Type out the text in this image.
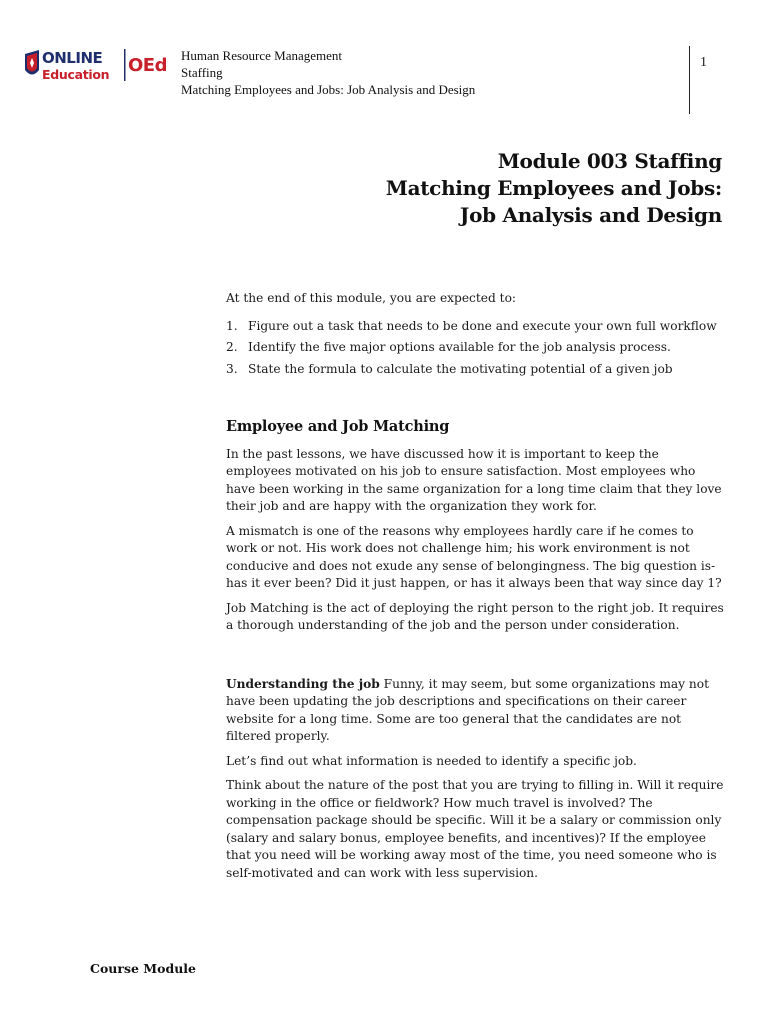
ONLINE
Education OEd Human Resource Management
Staffing
Matching Employees and Jobs: Job Analysis and Design
1
Module 003 Staffing
Matching Employees and Jobs:
Job Analysis and Design

At the end of this module, you are expected to:

1. Figure out a task that needs to be done and execute your own full workflow
2. Identify the five major options available for the job analysis process.
3. State the formula to calculate the motivating potential of a given job
Employee and Job Matching

In the past lessons, we have discussed how it is important to keep the employees motivated on his job to ensure satisfaction. Most employees who have been working in the same organization for a long time claim that they love their job and are happy with the organization they work for.

A mismatch is one of the reasons why employees hardly care if he comes to work or not. His work does not challenge him; his work environment is not conducive and does not exude any sense of belongingness. The big question is- has it ever been? Did it just happen, or has it always been that way since day 1?

Job Matching is the act of deploying the right person to the right job. It requires a thorough understanding of the job and the person under consideration.

Understanding the job Funny, it may seem, but some organizations may not have been updating the job descriptions and specifications on their career website for a long time. Some are too general that the candidates are not filtered properly.

Let’s find out what information is needed to identify a specific job.

Think about the nature of the post that you are trying to filling in. Will it require working in the office or fieldwork? How much travel is involved? The compensation package should be specific. Will it be a salary or commission only (salary and salary bonus, employee benefits, and incentives)? If the employee that you need will be working away most of the time, you need someone who is self-motivated and can work with less supervision.

Course Module
